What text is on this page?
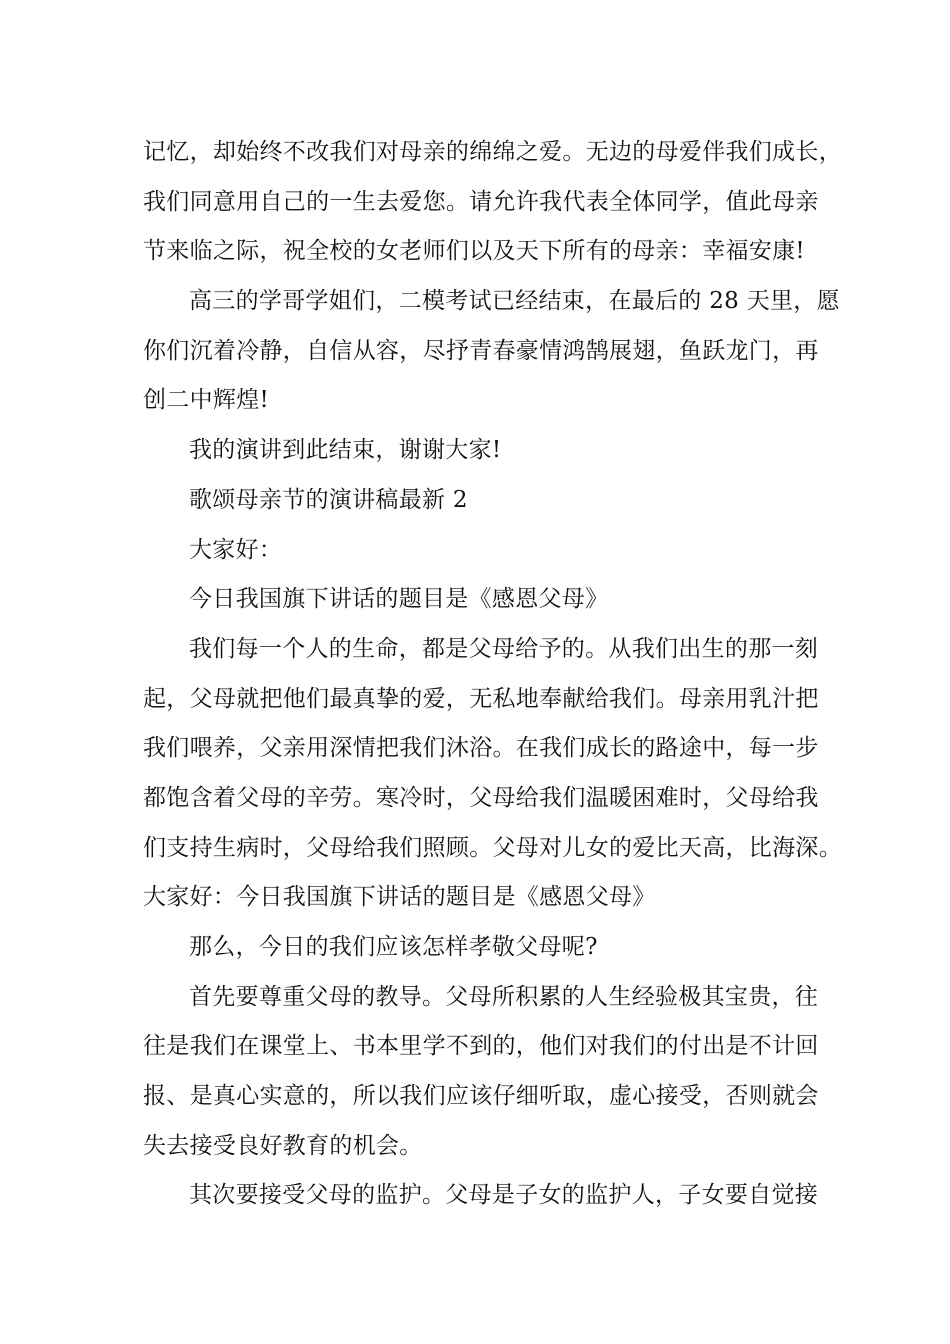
记忆，却始终不改我们对母亲的绵绵之爱。无边的母爱伴我们成长，

我们同意用自己的一生去爱您。请允许我代表全体同学，值此母亲

节来临之际，祝全校的女老师们以及天下所有的母亲：幸福安康!

高三的学哥学姐们，二模考试已经结束，在最后的 28 天里，愿

你们沉着冷静，自信从容，尽抒青春豪情鸿鹄展翅，鱼跃龙门，再

创二中辉煌!

我的演讲到此结束，谢谢大家!

歌颂母亲节的演讲稿最新 2

大家好：

今日我国旗下讲话的题目是《感恩父母》

我们每一个人的生命，都是父母给予的。从我们出生的那一刻

起，父母就把他们最真挚的爱，无私地奉献给我们。母亲用乳汁把

我们喂养，父亲用深情把我们沐浴。在我们成长的路途中，每一步

都饱含着父母的辛劳。寒冷时，父母给我们温暖困难时，父母给我

们支持生病时，父母给我们照顾。父母对儿女的爱比天高，比海深。

大家好：今日我国旗下讲话的题目是《感恩父母》

那么，今日的我们应该怎样孝敬父母呢?

首先要尊重父母的教导。父母所积累的人生经验极其宝贵，往

往是我们在课堂上、书本里学不到的，他们对我们的付出是不计回

报、是真心实意的，所以我们应该仔细听取，虚心接受，否则就会

失去接受良好教育的机会。

其次要接受父母的监护。父母是子女的监护人，子女要自觉接
